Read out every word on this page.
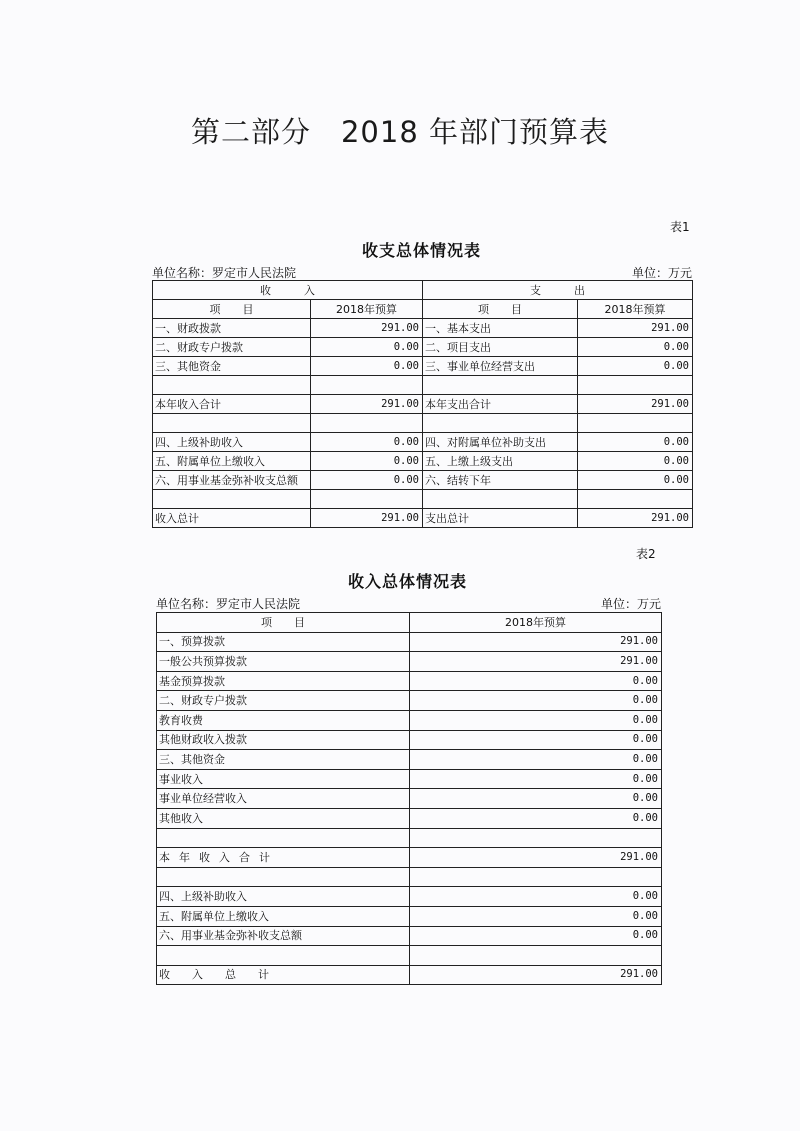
第二部分　2018 年部门预算表
表1
收支总体情况表
单位名称：罗定市人民法院	单位：万元
收　　　入		支　　　出	
项　　目	2018年预算	项　　目	2018年预算
一、财政拨款	291.00	一、基本支出	291.00
二、财政专户拨款	0.00	二、项目支出	0.00
三、其他资金	0.00	三、事业单位经营支出	0.00

本年收入合计	291.00	本年支出合计	291.00

四、上级补助收入	0.00	四、对附属单位补助支出	0.00
五、附属单位上缴收入	0.00	五、上缴上级支出	0.00
六、用事业基金弥补收支总额	0.00	六、结转下年	0.00

收入总计	291.00	支出总计	291.00
表2
收入总体情况表
单位名称：罗定市人民法院	单位：万元
项　　目	2018年预算
一、预算拨款	291.00
一般公共预算拨款	291.00
基金预算拨款	0.00
二、财政专户拨款	0.00
教育收费	0.00
其他财政收入拨款	0.00
三、其他资金	0.00
事业收入	0.00
事业单位经营收入	0.00
其他收入	0.00

本年收入合计	291.00

四、上级补助收入	0.00
五、附属单位上缴收入	0.00
六、用事业基金弥补收支总额	0.00

收入总计	291.00
